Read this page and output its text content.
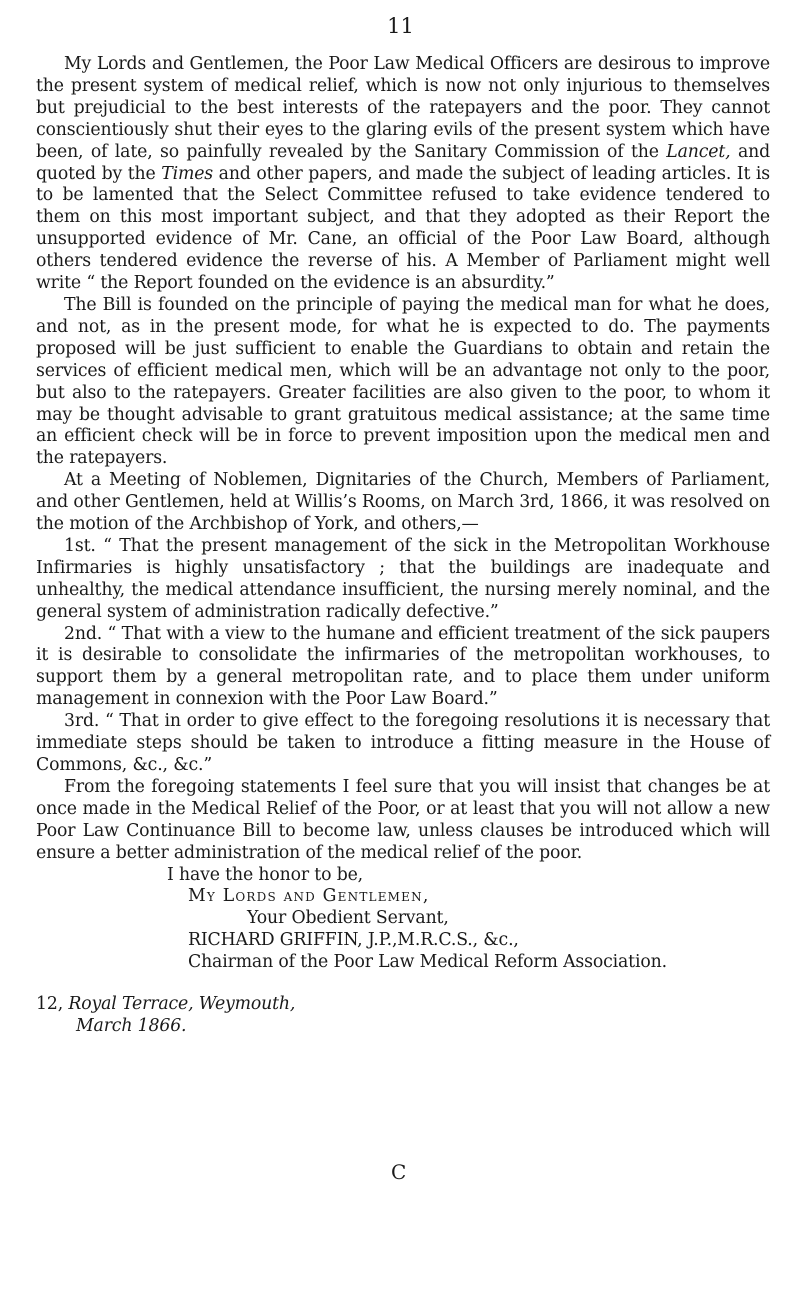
11

My Lords and Gentlemen, the Poor Law Medical Officers are desirous to improve the present system of medical relief, which is now not only injurious to themselves but prejudicial to the best interests of the ratepayers and the poor. They cannot conscientiously shut their eyes to the glaring evils of the present system which have been, of late, so painfully revealed by the Sanitary Commission of the Lancet, and quoted by the Times and other papers, and made the subject of leading articles. It is to be lamented that the Select Committee refused to take evidence tendered to them on this most important subject, and that they adopted as their Report the unsupported evidence of Mr. Cane, an official of the Poor Law Board, although others tendered evidence the reverse of his. A Member of Parliament might well write “ the Report founded on the evidence is an absurdity.”

The Bill is founded on the principle of paying the medical man for what he does, and not, as in the present mode, for what he is expected to do. The payments proposed will be just sufficient to enable the Guardians to obtain and retain the services of efficient medical men, which will be an advantage not only to the poor, but also to the ratepayers. Greater facilities are also given to the poor, to whom it may be thought advisable to grant gratuitous medical assistance; at the same time an efficient check will be in force to prevent imposition upon the medical men and the ratepayers.

At a Meeting of Noblemen, Dignitaries of the Church, Members of Parliament, and other Gentlemen, held at Willis’s Rooms, on March 3rd, 1866, it was resolved on the motion of the Archbishop of York, and others,—

1st. “ That the present management of the sick in the Metropolitan Workhouse Infirmaries is highly unsatisfactory ; that the buildings are inadequate and unhealthy, the medical attendance insufficient, the nursing merely nominal, and the general system of administration radically defective.”

2nd. “ That with a view to the humane and efficient treatment of the sick paupers it is desirable to consolidate the infirmaries of the metropolitan workhouses, to support them by a general metropolitan rate, and to place them under uniform management in connexion with the Poor Law Board.”

3rd. “ That in order to give effect to the foregoing resolutions it is necessary that immediate steps should be taken to introduce a fitting measure in the House of Commons, &c., &c.”

From the foregoing statements I feel sure that you will insist that changes be at once made in the Medical Relief of the Poor, or at least that you will not allow a new Poor Law Continuance Bill to become law, unless clauses be introduced which will ensure a better administration of the medical relief of the poor.

I have the honor to be,
My Lords and Gentlemen,
Your Obedient Servant,
RICHARD GRIFFIN, J.P.,M.R.C.S., &c.,
Chairman of the Poor Law Medical Reform Association.
12, Royal Terrace, Weymouth,
March 1866.
C
